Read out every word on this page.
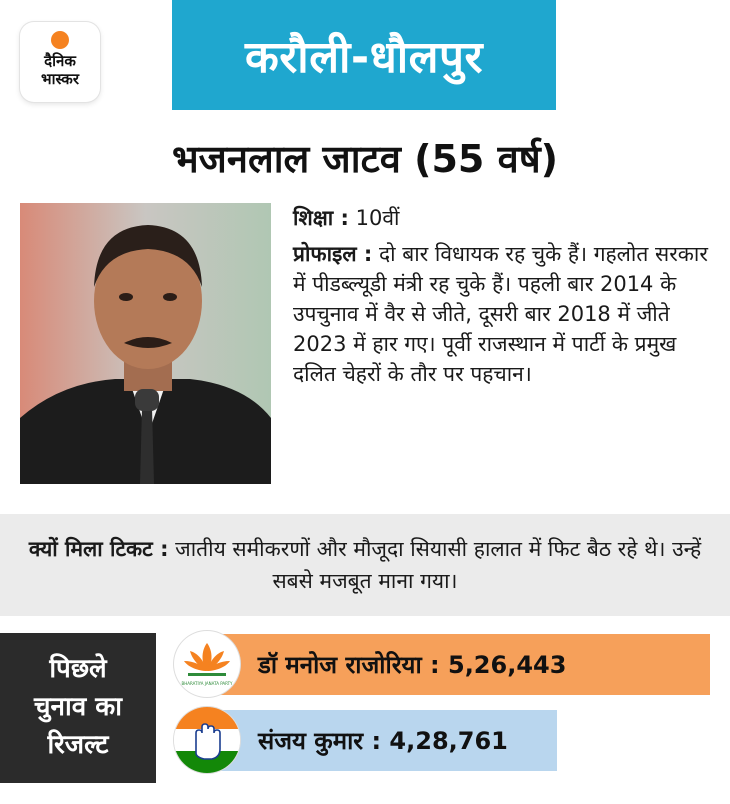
दैनिक
भास्कर	करौली-धौलपुर
भजनलाल जाटव (55 वर्ष)
शिक्षा : 10वीं
प्रोफाइल : दो बार विधायक रह चुके हैं। गहलोत सरकार में पीडब्ल्यूडी मंत्री रह चुके हैं। पहली बार 2014 के उपचुनाव में वैर से जीते, दूसरी बार 2018 में जीते 2023 में हार गए। पूर्वी राजस्थान में पार्टी के प्रमुख दलित चेहरों के तौर पर पहचान।
क्यों मिला टिकट : जातीय समीकरणों और मौजूदा सियासी हालात में फिट बैठ रहे थे। उन्हें सबसे मजबूत माना गया।
पिछले
चुनाव का
रिजल्ट
डॉ मनोज राजोरिया : 5,26,443
संजय कुमार : 4,28,761
BHARATIYA JANATA PARTY
